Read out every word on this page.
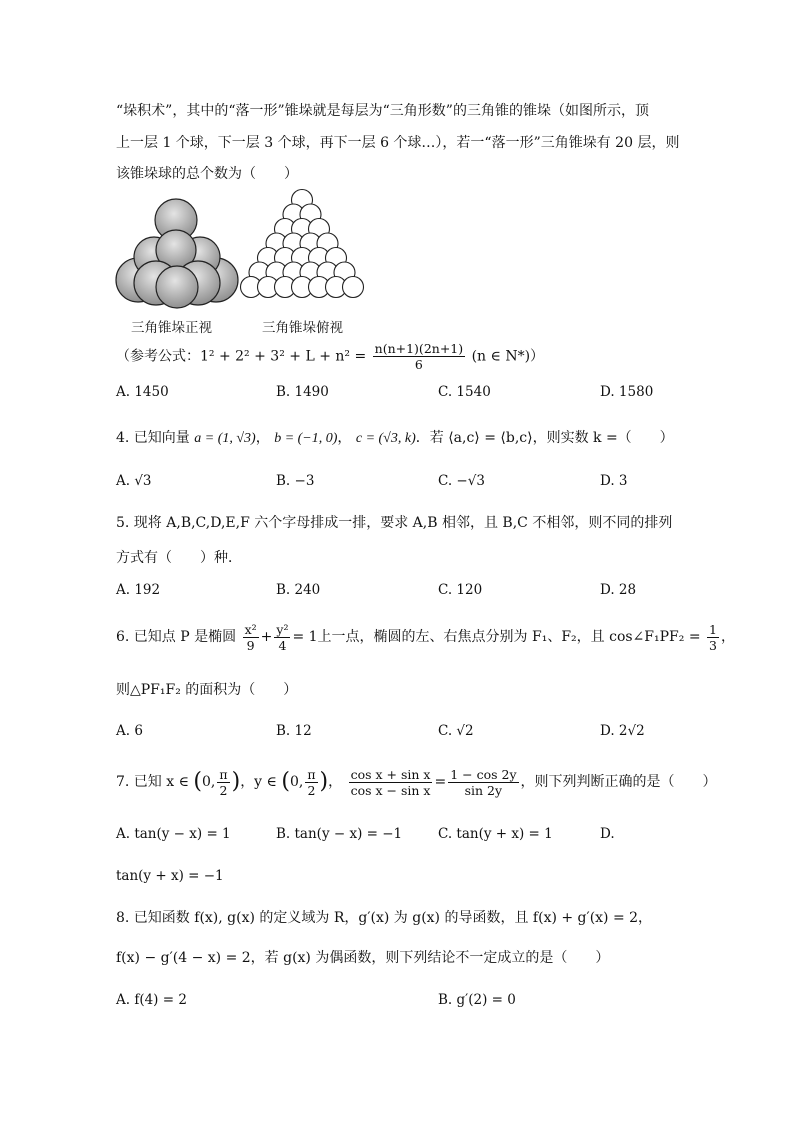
“垛积术”，其中的“落一形”锥垛就是每层为“三角形数”的三角锥的锥垛（如图所示，顶
上一层 1 个球，下一层 3 个球，再下一层 6 个球…），若一“落一形”三角锥垛有 20 层，则
该锥垛球的总个数为（　　）
三角锥垛正视	三角锥垛俯视
（参考公式：$1^2 + 2^2 + 3^2 + L + n^2 = \frac{n(n+1)(2n+1)}{6} (n$ ∈ N*)）
A. 1450	B. 1490	C. 1540	D. 1580
4. 已知向量 a = (1, √3)， b = (−1, 0)， c = (√3, k)．若 ⟨a,c⟩ = ⟨b,c⟩，则实数 k =（　　）
A. √3	B. −3	C. −√3	D. 3
5. 现将 A,B,C,D,E,F 六个字母排成一排，要求 A,B 相邻，且 B,C 不相邻，则不同的排列
方式有（　　）种．
A. 192	B. 240	C. 120	D. 28
6. 已知点 P 是椭圆 $\frac{\text{x²}}{9} + \frac{\text{y²}}{4} = 1$上一点，椭圆的左、右焦点分别为 F₁、F₂，且 cos∠F₁PF₂ = $\frac{1}{3}$ ，
则△PF₁F₂ 的面积为（　　）
A. 6	B. 12	C. √2	D. 2√2
7. 已知 x ∈ (0, $\frac{\pi}{2}$ )，y ∈ (0, $\frac{\pi}{2}$ )， $\frac{\text{cos x + sin x}}{\text{cos x − sin x}} = \frac{1 - \cos 2y}{\sin 2y}$ ，则下列判断正确的是（　　）
A. tan(y − x) = 1	B. tan(y − x) = −1	C. tan(y + x) = 1	D.
tan(y + x) = −1
8. 已知函数 f(x), g(x) 的定义域为 R，g′(x) 为 g(x) 的导函数，且 f(x) + g′(x) = 2，
f(x) − g′(4 − x) = 2，若 g(x) 为偶函数，则下列结论不一定成立的是（　　）
A. f(4) = 2	B. g′(2) = 0
